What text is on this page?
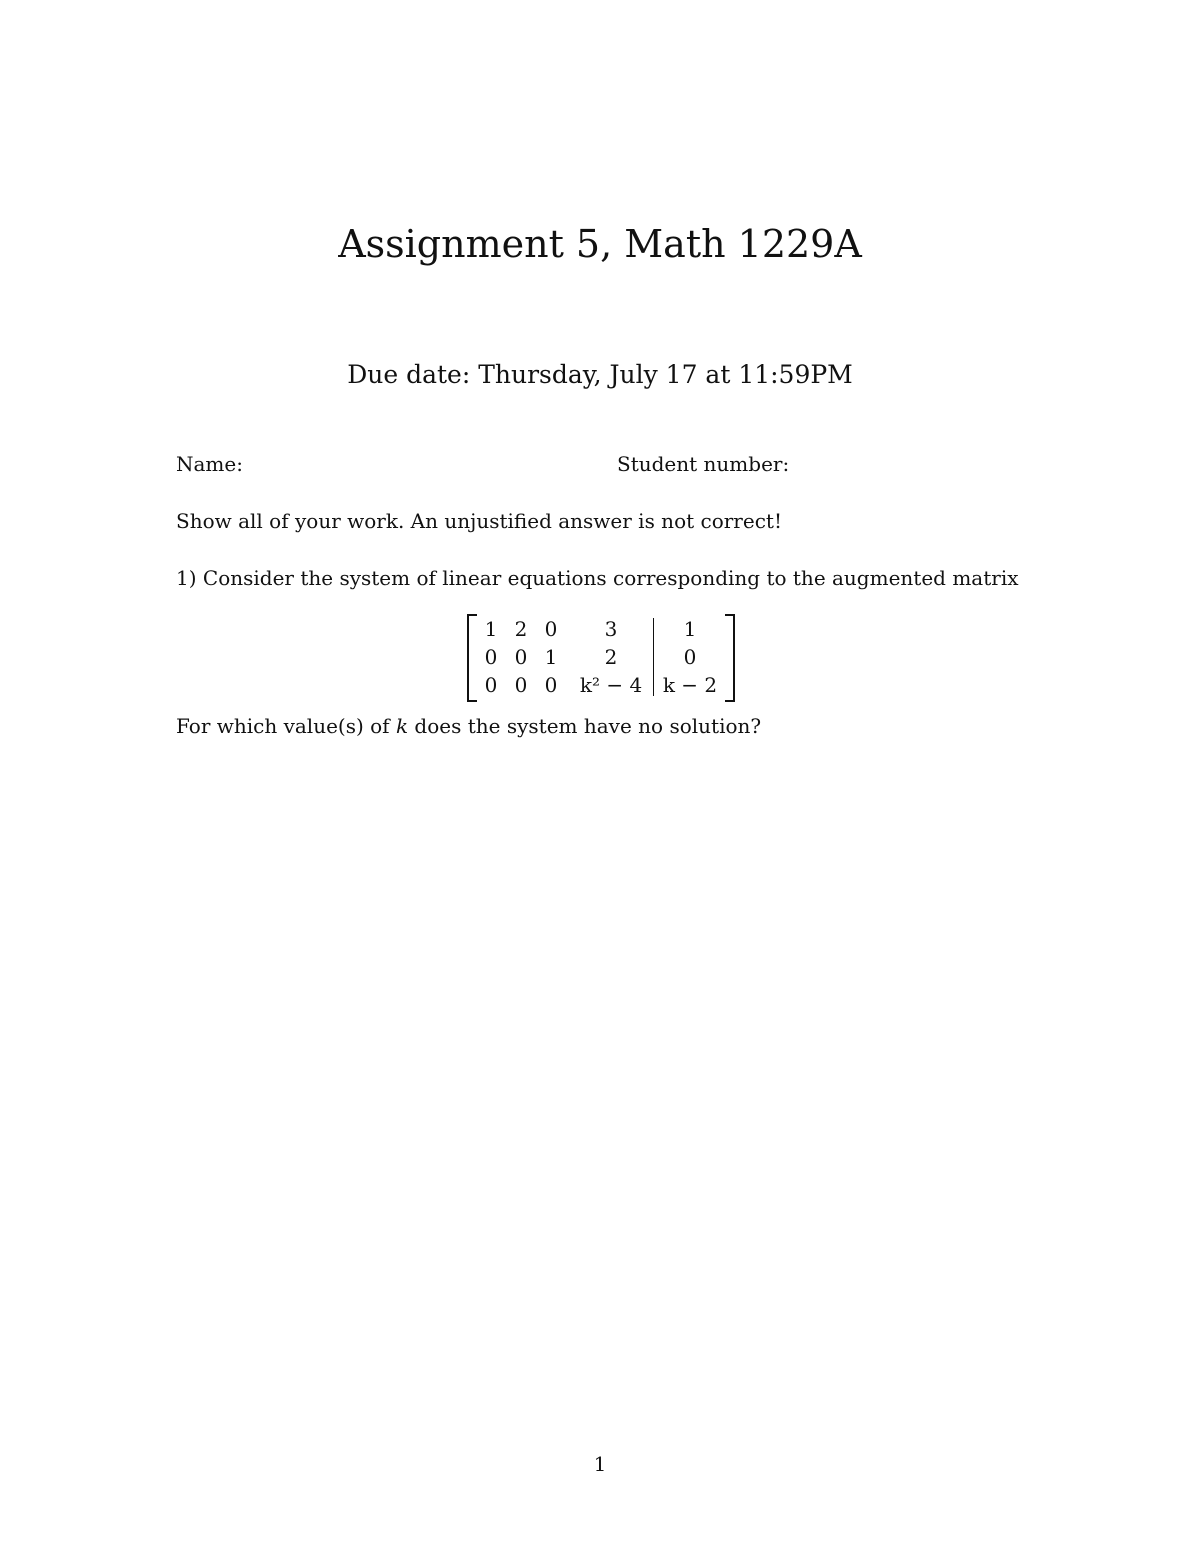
Assignment 5, Math 1229A

Due date: Thursday, July 17 at 11:59PM

Name:	Student number:

Show all of your work. An unjustified answer is not correct!

1) Consider the system of linear equations corresponding to the augmented matrix

1 2 0	3	1
0 0 1	2	0
0 0 0	k² − 4	k − 2

For which value(s) of k does the system have no solution?

1
